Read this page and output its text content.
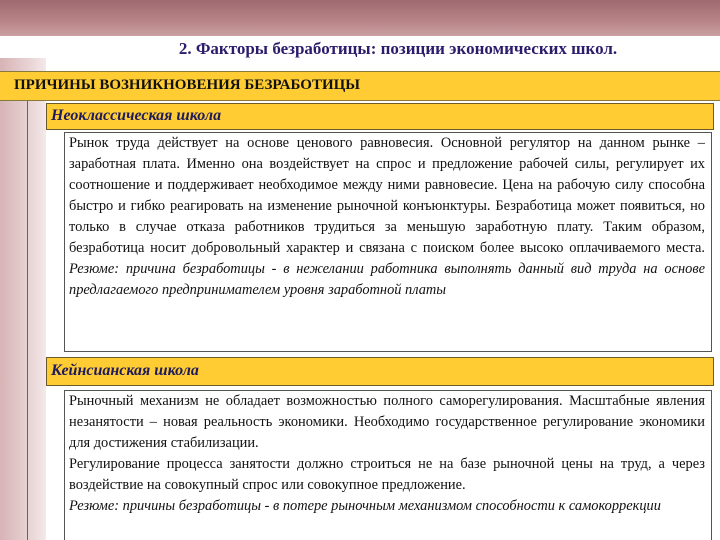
2. Факторы безработицы: позиции экономических школ.
ПРИЧИНЫ ВОЗНИКНОВЕНИЯ БЕЗРАБОТИЦЫ
Неоклассическая школа

Рынок труда действует на основе ценового равновесия. Основной регулятор на данном рынке – заработная плата. Именно она воздействует на спрос и предложение рабочей силы, регулирует их соотношение и поддерживает необходимое между ними равновесие. Цена на рабочую силу способна быстро и гибко реагировать на изменение рыночной конъюнктуры. Безработица может появиться, но только в случае отказа работников трудиться за меньшую заработную плату. Таким образом, безработица носит добровольный характер и связана с поиском более высоко оплачиваемого места. Резюме: причина безработицы - в нежелании работника выполнять данный вид труда на основе предлагаемого предпринимателем уровня заработной платы

Кейнсианская школа

Рыночный механизм не обладает возможностью полного саморегулирования. Масштабные явления незанятости – новая реальность экономики. Необходимо государственное регулирование экономики для достижения стабилизации.

Регулирование процесса занятости должно строиться не на базе рыночной цены на труд, а через воздействие на совокупный спрос или совокупное предложение.

Резюме: причины безработицы - в потере рыночным механизмом способности к самокоррекции
